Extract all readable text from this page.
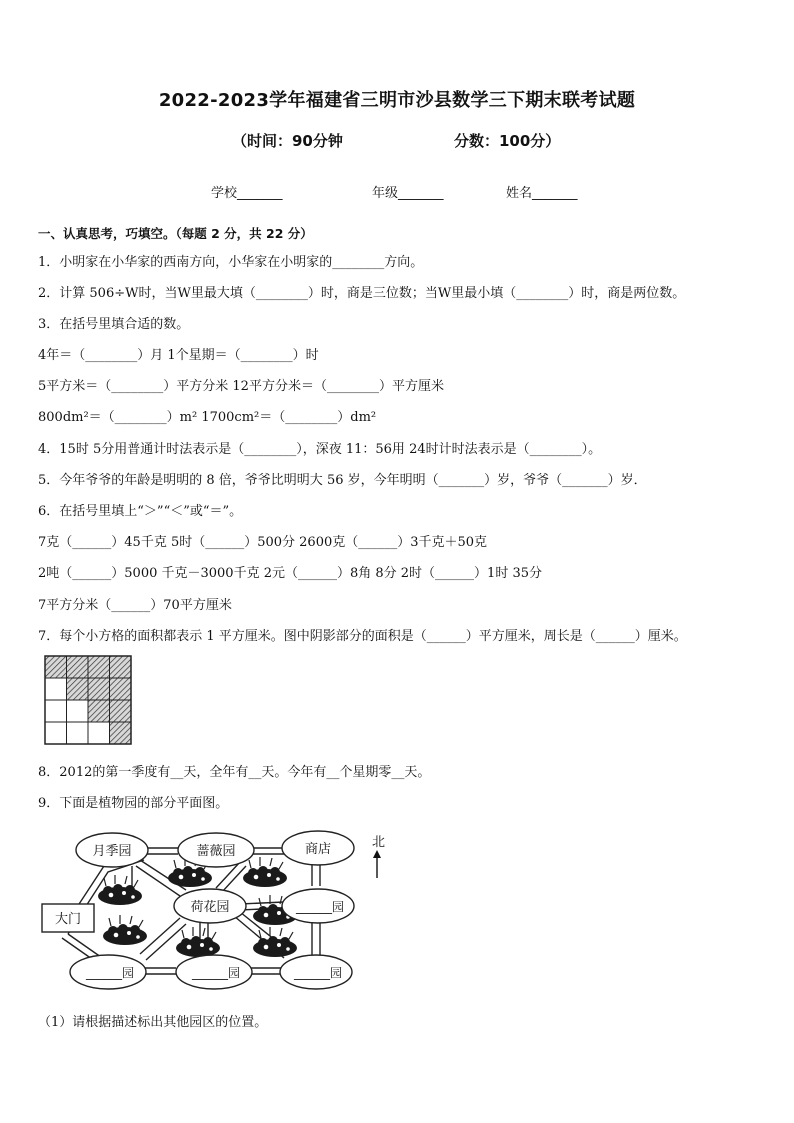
2022-2023学年福建省三明市沙县数学三下期末联考试题
（时间：90分钟	分数：100分）
学校_______	年级_______	姓名_______
一、认真思考，巧填空。（每题 2 分，共 22 分）
1．小明家在小华家的西南方向，小华家在小明家的________方向。
2．计算 506÷W时，当W里最大填（________）时，商是三位数；当W里最小填（________）时，商是两位数。
3．在括号里填合适的数。
4年＝（________）月 1个星期＝（________）时
5平方米＝（________）平方分米 12平方分米＝（________）平方厘米
800dm²＝（________）m² 1700cm²＝（________）dm²
4．15时 5分用普通计时法表示是（________），深夜 11：56用 24时计时法表示是（________）。
5．今年爷爷的年龄是明明的 8 倍，爷爷比明明大 56 岁，今年明明（_______）岁，爷爷（_______）岁．
6．在括号里填上“＞”“＜”或“＝”。
7克（______）45千克 5时（______）500分 2600克（______）3千克＋50克
2吨（______）5000 千克－3000千克 2元（______）8角 8分 2时（______）1时 35分
7平方分米（______）70平方厘米
7．每个小方格的面积都表示 1 平方厘米。图中阴影部分的面积是（______）平方厘米，周长是（______）厘米。
8．2012的第一季度有__天，全年有__天。今年有__个星期零__天。
9．下面是植物园的部分平面图。
月季园	蔷薇园	商店
荷花园	______园
______园	______园	______园
大门
北
（1）请根据描述标出其他园区的位置。
